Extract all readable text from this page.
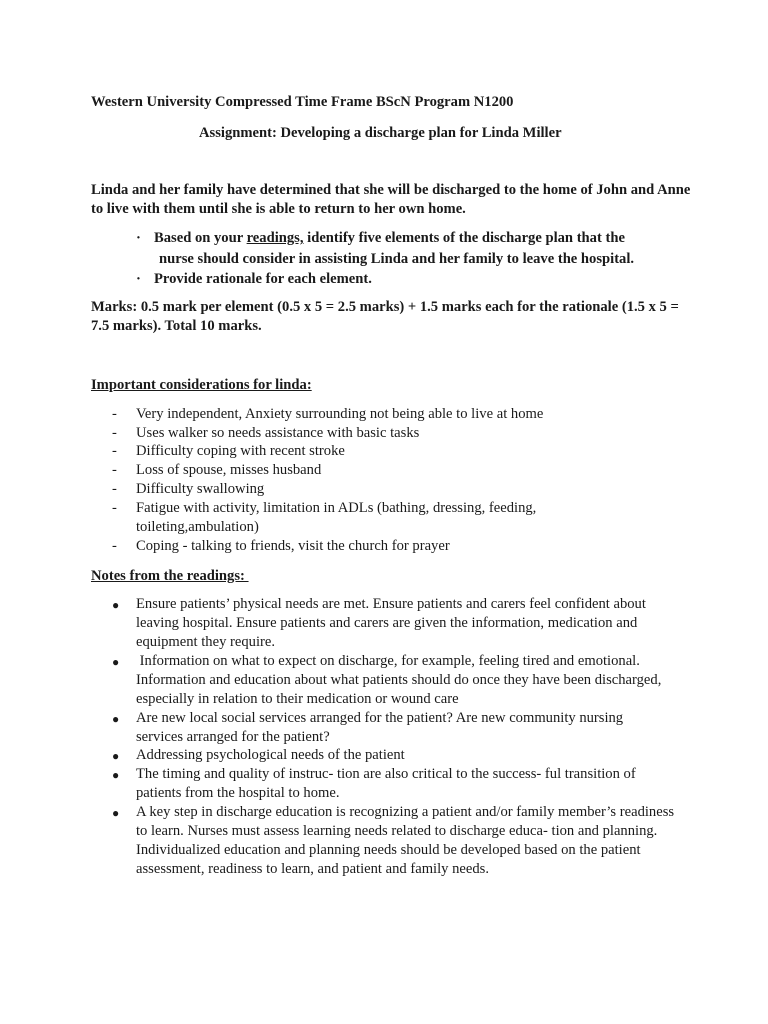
Western University Compressed Time Frame BScN Program N1200

Assignment: Developing a discharge plan for Linda Miller

Linda and her family have determined that she will be discharged to the home of John and Anne to live with them until she is able to return to her own home.

· Based on your readings, identify five elements of the discharge plan that the

nurse should consider in assisting Linda and her family to leave the hospital.

· Provide rationale for each element.

Marks: 0.5 mark per element (0.5 x 5 = 2.5 marks) + 1.5 marks each for the rationale (1.5 x 5 = 7.5 marks). Total 10 marks.

Important considerations for linda:

-	Very independent, Anxiety surrounding not being able to live at home

-	Uses walker so needs assistance with basic tasks

-	Difficulty coping with recent stroke

-	Loss of spouse, misses husband

-	Difficulty swallowing

-	Fatigue with activity, limitation in ADLs (bathing, dressing, feeding, toileting,ambulation)

-	Coping - talking to friends, visit the church for prayer

Notes from the readings:

● Ensure patients’ physical needs are met. Ensure patients and carers feel confident about leaving hospital. Ensure patients and carers are given the information, medication and equipment they require.

● Information on what to expect on discharge, for example, feeling tired and emotional. Information and education about what patients should do once they have been discharged, especially in relation to their medication or wound care

● Are new local social services arranged for the patient? Are new community nursing services arranged for the patient?

● Addressing psychological needs of the patient

● The timing and quality of instruc- tion are also critical to the success- ful transition of patients from the hospital to home.

● A key step in discharge education is recognizing a patient and/or family member’s readiness to learn. Nurses must assess learning needs related to discharge educa- tion and planning. Individualized education and planning needs should be developed based on the patient assessment, readiness to learn, and patient and family needs.
